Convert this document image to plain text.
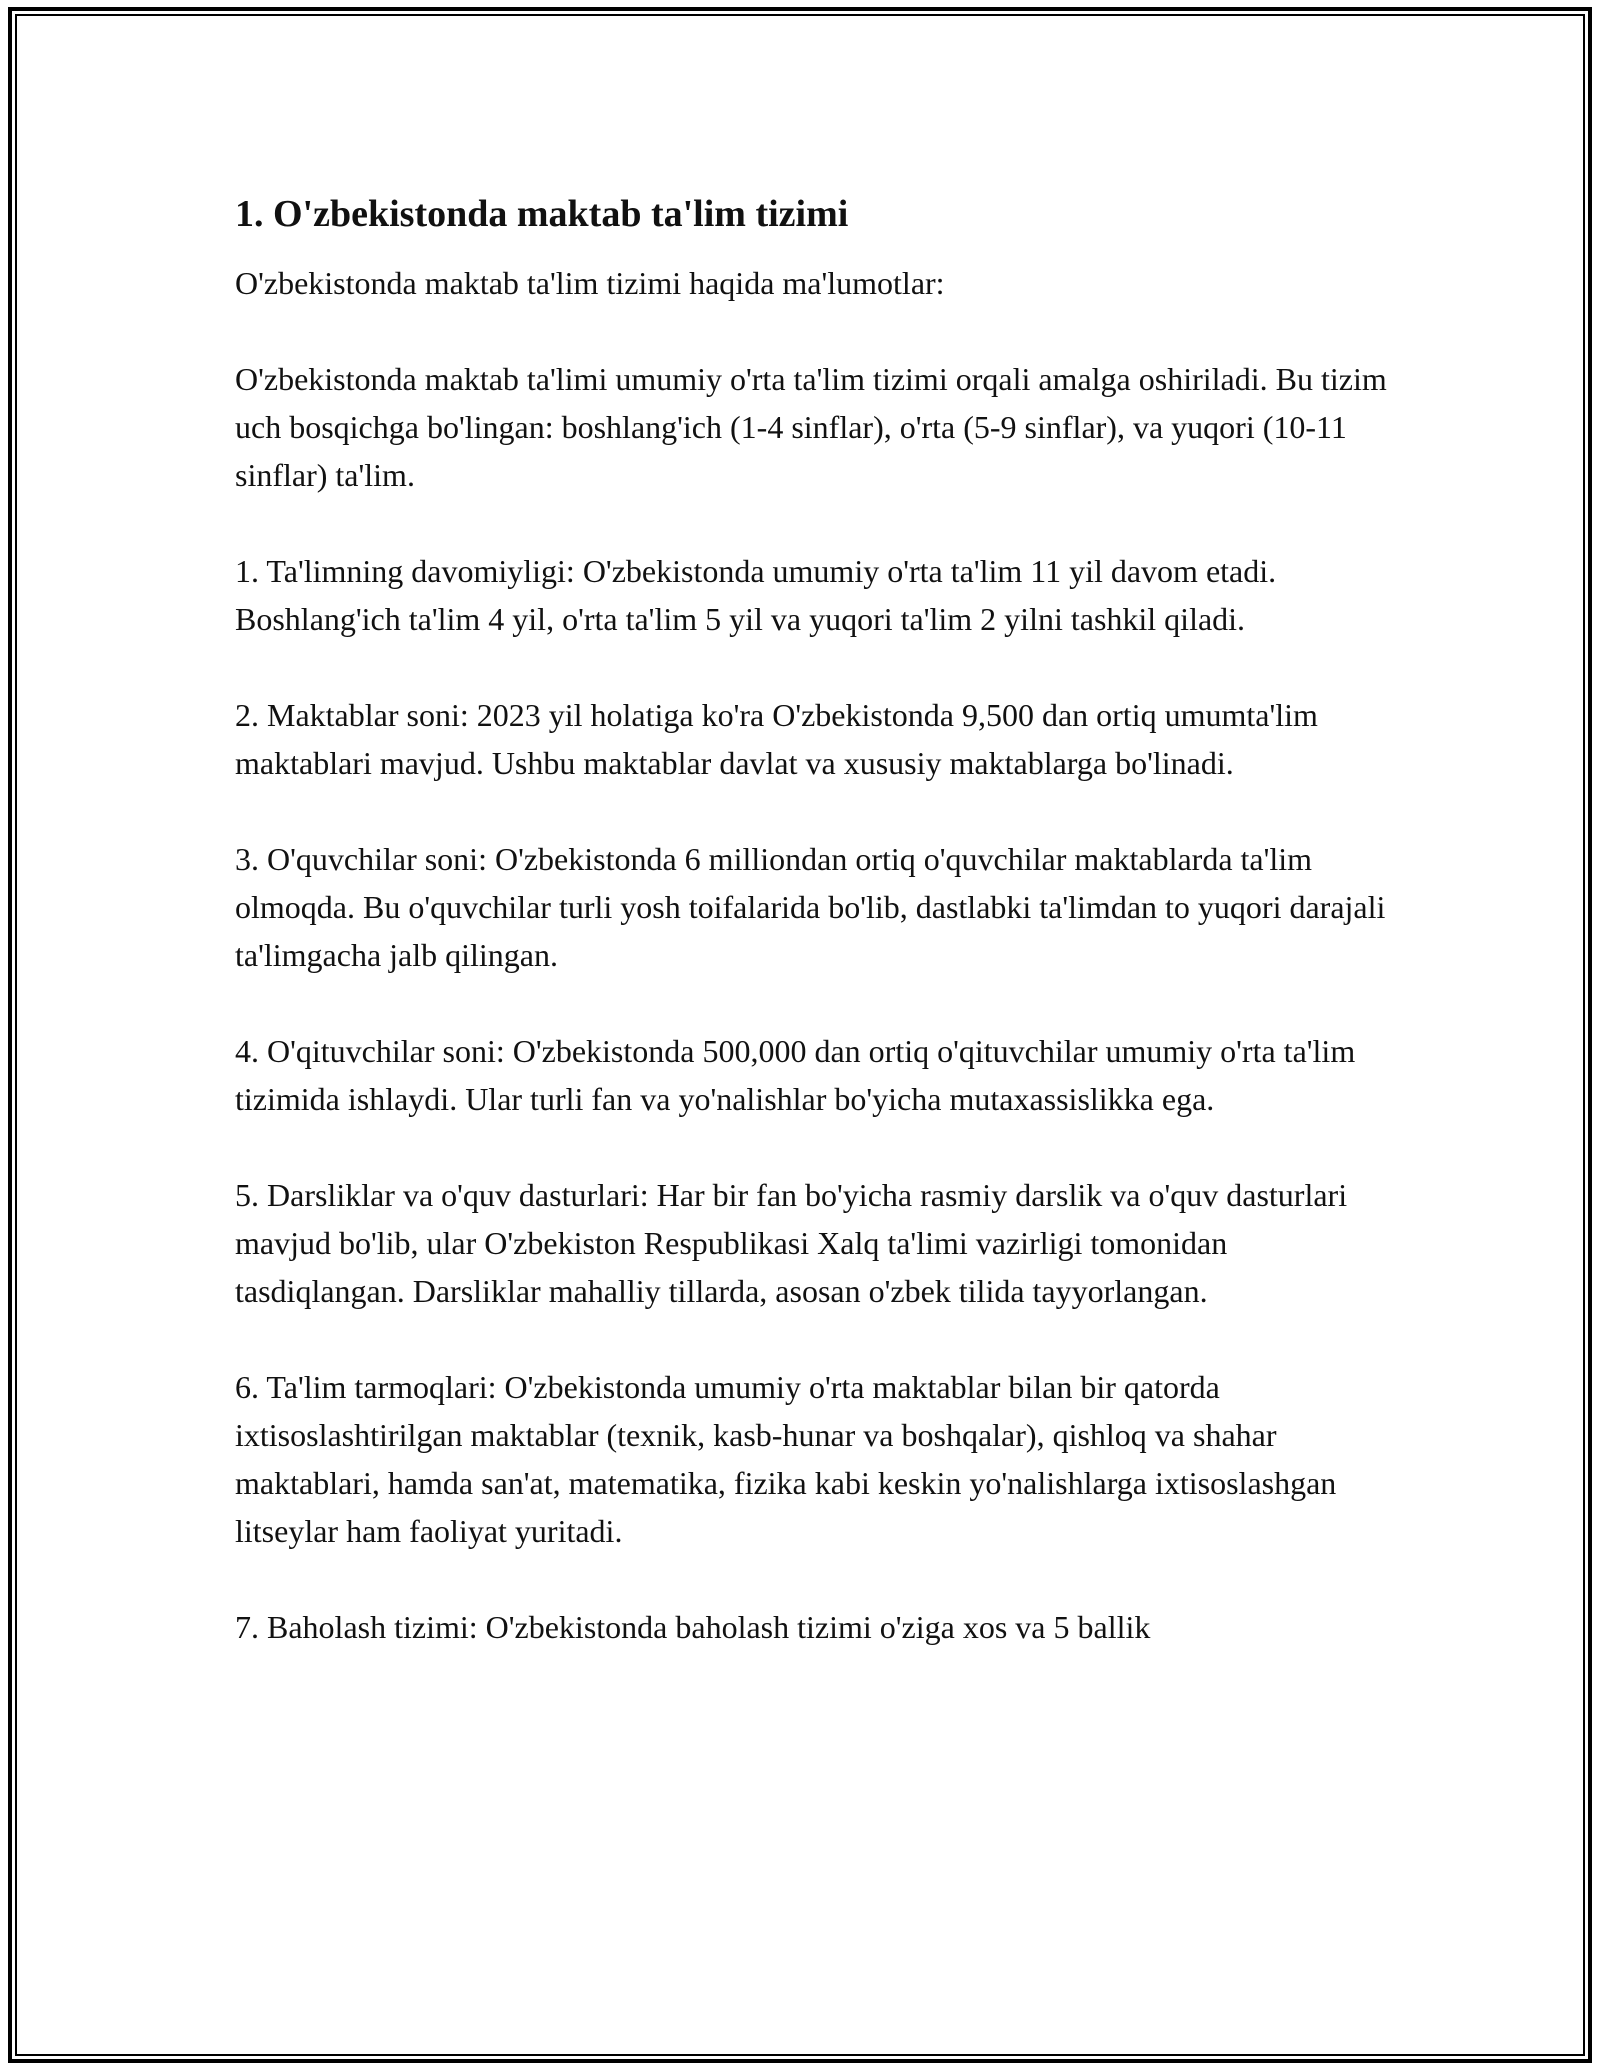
1. O'zbekistonda maktab ta'lim tizimi

O'zbekistonda maktab ta'lim tizimi haqida ma'lumotlar:

O'zbekistonda maktab ta'limi umumiy o'rta ta'lim tizimi orqali amalga oshiriladi. Bu tizim uch bosqichga bo'lingan: boshlang'ich (1-4 sinflar), o'rta (5-9 sinflar), va yuqori (10-11 sinflar) ta'lim.

1. Ta'limning davomiyligi: O'zbekistonda umumiy o'rta ta'lim 11 yil davom etadi. Boshlang'ich ta'lim 4 yil, o'rta ta'lim 5 yil va yuqori ta'lim 2 yilni tashkil qiladi.

2. Maktablar soni: 2023 yil holatiga ko'ra O'zbekistonda 9,500 dan ortiq umumta'lim maktablari mavjud. Ushbu maktablar davlat va xususiy maktablarga bo'linadi.

3. O'quvchilar soni: O'zbekistonda 6 milliondan ortiq o'quvchilar maktablarda ta'lim olmoqda. Bu o'quvchilar turli yosh toifalarida bo'lib, dastlabki ta'limdan to yuqori darajali ta'limgacha jalb qilingan.

4. O'qituvchilar soni: O'zbekistonda 500,000 dan ortiq o'qituvchilar umumiy o'rta ta'lim tizimida ishlaydi. Ular turli fan va yo'nalishlar bo'yicha mutaxassislikka ega.

5. Darsliklar va o'quv dasturlari: Har bir fan bo'yicha rasmiy darslik va o'quv dasturlari mavjud bo'lib, ular O'zbekiston Respublikasi Xalq ta'limi vazirligi tomonidan tasdiqlangan. Darsliklar mahalliy tillarda, asosan o'zbek tilida tayyorlangan.

6. Ta'lim tarmoqlari: O'zbekistonda umumiy o'rta maktablar bilan bir qatorda ixtisoslashtirilgan maktablar (texnik, kasb-hunar va boshqalar), qishloq va shahar maktablari, hamda san'at, matematika, fizika kabi keskin yo'nalishlarga ixtisoslashgan litseylar ham faoliyat yuritadi.

7. Baholash tizimi: O'zbekistonda baholash tizimi o'ziga xos va 5 ballik
